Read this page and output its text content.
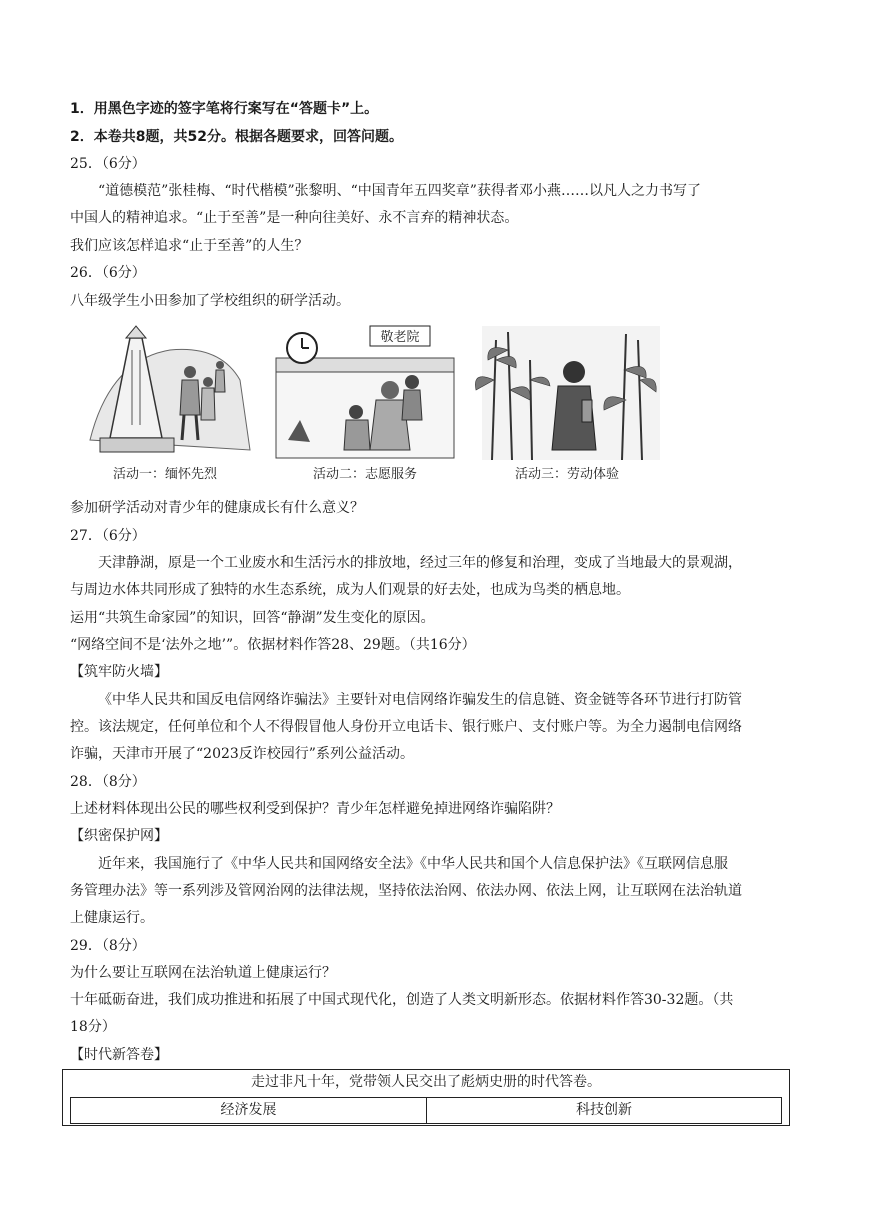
1．用黑色字迹的签字笔将行案写在“答题卡”上。
2．本卷共8题，共52分。根据各题要求，回答问题。
25．（6分）
“道德模范”张桂梅、“时代楷模”张黎明、“中国青年五四奖章”获得者邓小燕……以凡人之力书写了
中国人的精神追求。“止于至善”是一种向往美好、永不言弃的精神状态。
我们应该怎样追求“止于至善”的人生？
26．（6分）
八年级学生小田参加了学校组织的研学活动。
活动一：缅怀先烈
敬老院
活动二：志愿服务	活动三：劳动体验
参加研学活动对青少年的健康成长有什么意义？
27．（6分）
天津静湖，原是一个工业废水和生活污水的排放地，经过三年的修复和治理，变成了当地最大的景观湖，
与周边水体共同形成了独特的水生态系统，成为人们观景的好去处，也成为鸟类的栖息地。
运用“共筑生命家园”的知识，回答“静湖”发生变化的原因。
“网络空间不是‘法外之地’”。依据材料作答28、29题。（共16分）
【筑牢防火墙】
《中华人民共和国反电信网络诈骗法》主要针对电信网络诈骗发生的信息链、资金链等各环节进行打防管
控。该法规定，任何单位和个人不得假冒他人身份开立电话卡、银行账户、支付账户等。为全力遏制电信网络
诈骗，天津市开展了“2023反诈校园行”系列公益活动。
28．（8分）
上述材料体现出公民的哪些权利受到保护？青少年怎样避免掉进网络诈骗陷阱？
【织密保护网】
近年来，我国施行了《中华人民共和国网络安全法》《中华人民共和国个人信息保护法》《互联网信息服
务管理办法》等一系列涉及管网治网的法律法规，坚持依法治网、依法办网、依法上网，让互联网在法治轨道
上健康运行。
29．（8分）
为什么要让互联网在法治轨道上健康运行？
十年砥砺奋进，我们成功推进和拓展了中国式现代化，创造了人类文明新形态。依据材料作答30-32题。（共
18分）
【时代新答卷】
走过非凡十年，党带领人民交出了彪炳史册的时代答卷。
经济发展	科技创新
